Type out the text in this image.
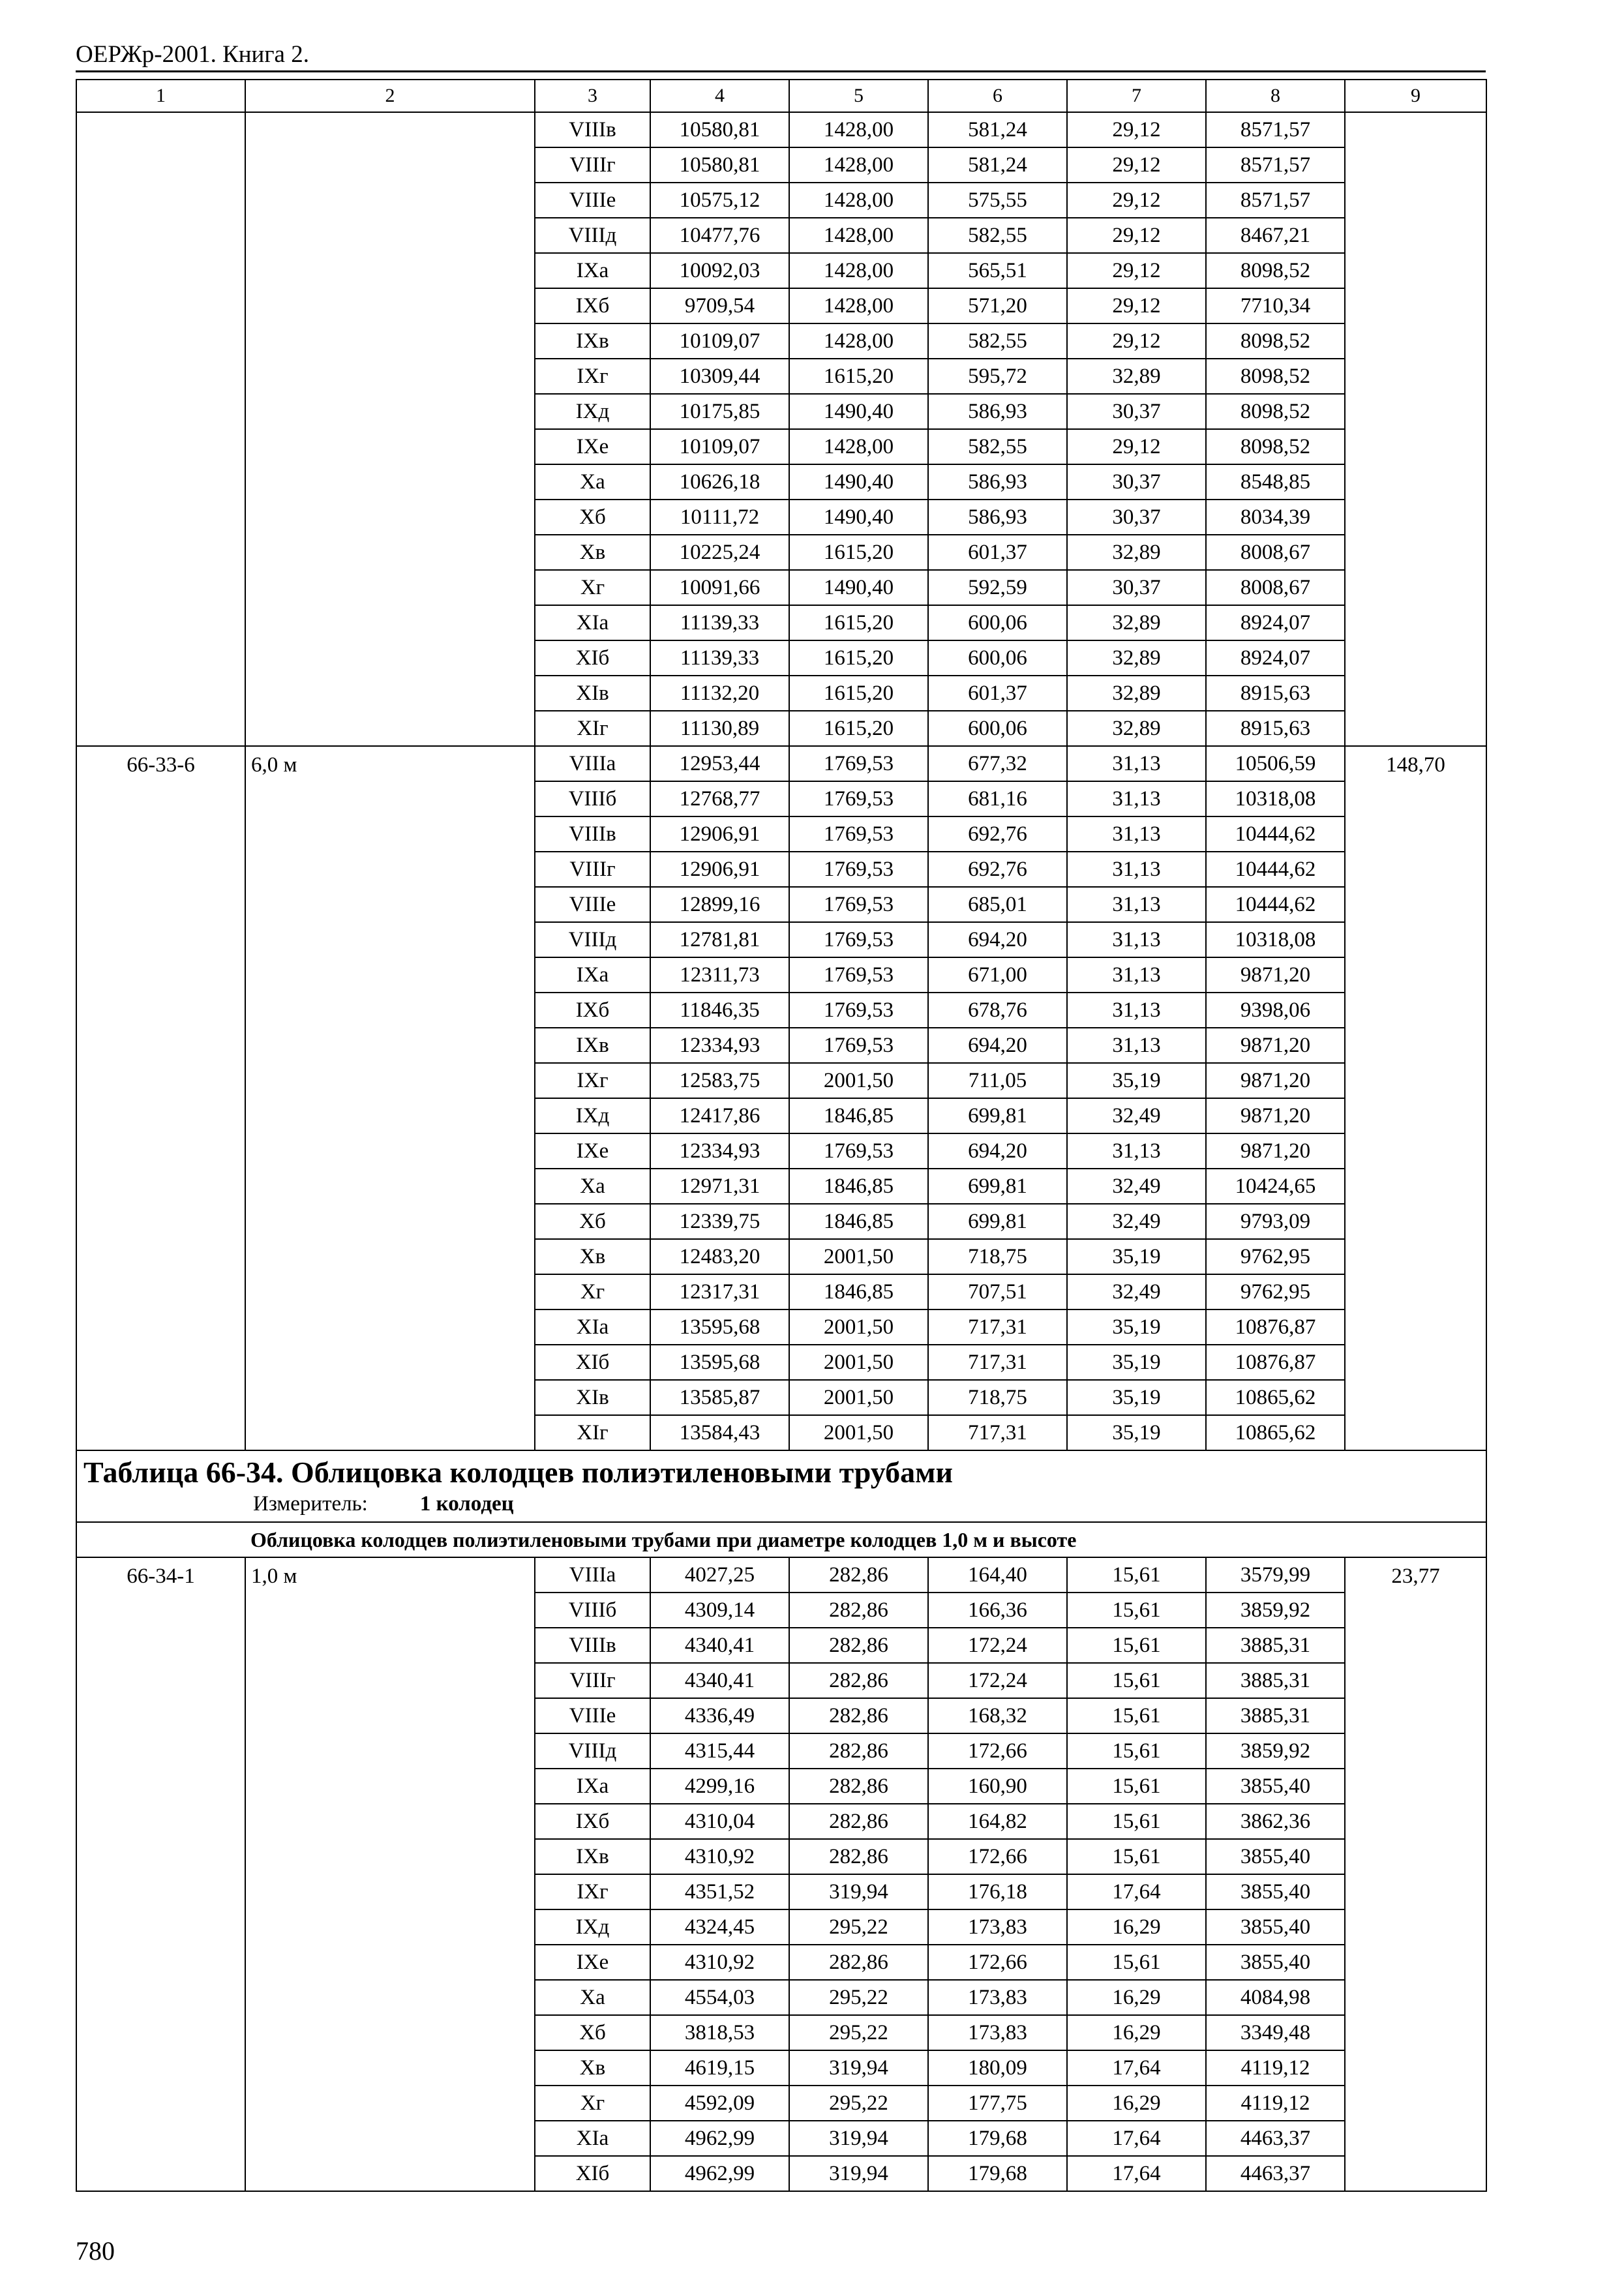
ОЕРЖр-2001. Книга 2.
1	2	3	4	5	6	7	8	9
		VIIIв	10580,81	1428,00	581,24	29,12	8571,57	
		VIIIг	10580,81	1428,00	581,24	29,12	8571,57	
		VIIIе	10575,12	1428,00	575,55	29,12	8571,57	
		VIIIд	10477,76	1428,00	582,55	29,12	8467,21	
		IXа	10092,03	1428,00	565,51	29,12	8098,52	
		IXб	9709,54	1428,00	571,20	29,12	7710,34	
		IXв	10109,07	1428,00	582,55	29,12	8098,52	
		IXг	10309,44	1615,20	595,72	32,89	8098,52	
		IXд	10175,85	1490,40	586,93	30,37	8098,52	
		IXе	10109,07	1428,00	582,55	29,12	8098,52	
		Xа	10626,18	1490,40	586,93	30,37	8548,85	
		Xб	10111,72	1490,40	586,93	30,37	8034,39	
		Xв	10225,24	1615,20	601,37	32,89	8008,67	
		Xг	10091,66	1490,40	592,59	30,37	8008,67	
		XIа	11139,33	1615,20	600,06	32,89	8924,07	
		XIб	11139,33	1615,20	600,06	32,89	8924,07	
		XIв	11132,20	1615,20	601,37	32,89	8915,63	
		XIг	11130,89	1615,20	600,06	32,89	8915,63	
66-33-6	6,0 м	VIIIа	12953,44	1769,53	677,32	31,13	10506,59	148,70
		VIIIб	12768,77	1769,53	681,16	31,13	10318,08	
		VIIIв	12906,91	1769,53	692,76	31,13	10444,62	
		VIIIг	12906,91	1769,53	692,76	31,13	10444,62	
		VIIIе	12899,16	1769,53	685,01	31,13	10444,62	
		VIIIд	12781,81	1769,53	694,20	31,13	10318,08	
		IXа	12311,73	1769,53	671,00	31,13	9871,20	
		IXб	11846,35	1769,53	678,76	31,13	9398,06	
		IXв	12334,93	1769,53	694,20	31,13	9871,20	
		IXг	12583,75	2001,50	711,05	35,19	9871,20	
		IXд	12417,86	1846,85	699,81	32,49	9871,20	
		IXе	12334,93	1769,53	694,20	31,13	9871,20	
		Xа	12971,31	1846,85	699,81	32,49	10424,65	
		Xб	12339,75	1846,85	699,81	32,49	9793,09	
		Xв	12483,20	2001,50	718,75	35,19	9762,95	
		Xг	12317,31	1846,85	707,51	32,49	9762,95	
		XIа	13595,68	2001,50	717,31	35,19	10876,87	
		XIб	13595,68	2001,50	717,31	35,19	10876,87	
		XIв	13585,87	2001,50	718,75	35,19	10865,62	
		XIг	13584,43	2001,50	717,31	35,19	10865,62	

Таблица 66-34. Облицовка колодцев полиэтиленовыми трубами
Измеритель: 1 колодец								

Облицовка колодцев полиэтиленовыми трубами при диаметре колодцев 1,0 м и высоте								
66-34-1	1,0 м	VIIIа	4027,25	282,86	164,40	15,61	3579,99	23,77
		VIIIб	4309,14	282,86	166,36	15,61	3859,92	
		VIIIв	4340,41	282,86	172,24	15,61	3885,31	
		VIIIг	4340,41	282,86	172,24	15,61	3885,31	
		VIIIе	4336,49	282,86	168,32	15,61	3885,31	
		VIIIд	4315,44	282,86	172,66	15,61	3859,92	
		IXа	4299,16	282,86	160,90	15,61	3855,40	
		IXб	4310,04	282,86	164,82	15,61	3862,36	
		IXв	4310,92	282,86	172,66	15,61	3855,40	
		IXг	4351,52	319,94	176,18	17,64	3855,40	
		IXд	4324,45	295,22	173,83	16,29	3855,40	
		IXе	4310,92	282,86	172,66	15,61	3855,40	
		Xа	4554,03	295,22	173,83	16,29	4084,98	
		Xб	3818,53	295,22	173,83	16,29	3349,48	
		Xв	4619,15	319,94	180,09	17,64	4119,12	
		Xг	4592,09	295,22	177,75	16,29	4119,12	
		XIа	4962,99	319,94	179,68	17,64	4463,37	
		XIб	4962,99	319,94	179,68	17,64	4463,37	
780
